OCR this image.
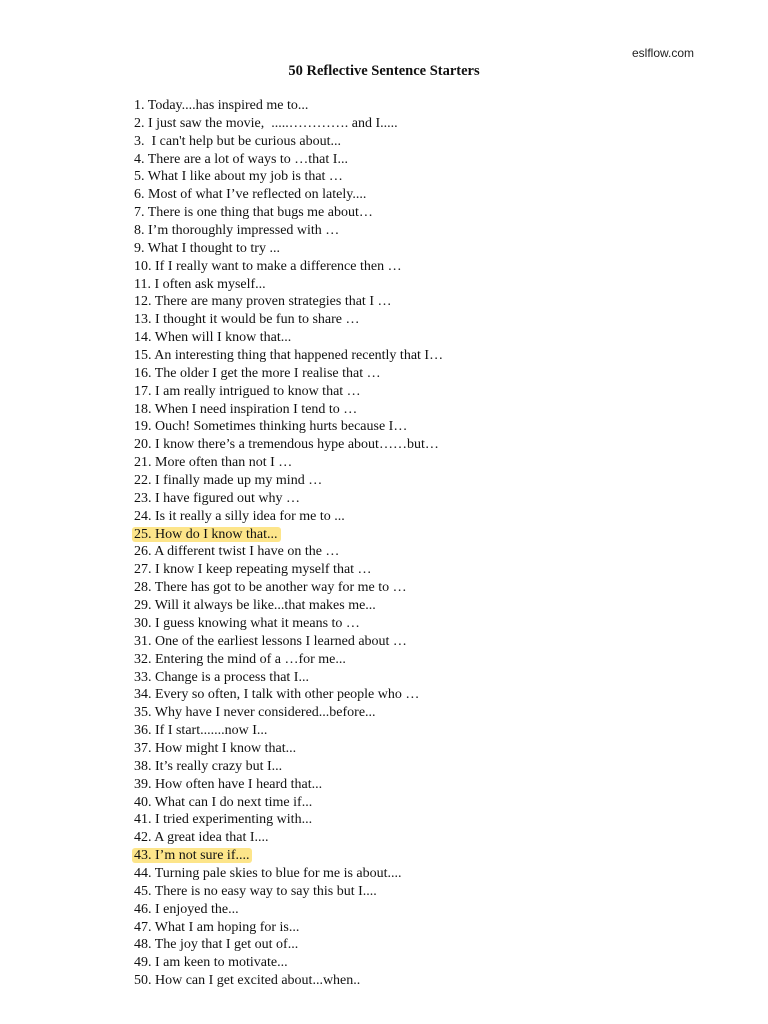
eslflow.com
50 Reflective Sentence Starters
1. Today....has inspired me to...
2. I just saw the movie,  .....…………. and I.....
3.  I can't help but be curious about...
4. There are a lot of ways to …that I...
5. What I like about my job is that …
6. Most of what I’ve reflected on lately....
7. There is one thing that bugs me about…
8. I’m thoroughly impressed with …
9. What I thought to try ...
10. If I really want to make a difference then …
11. I often ask myself...
12. There are many proven strategies that I …
13. I thought it would be fun to share …
14. When will I know that...
15. An interesting thing that happened recently that I…
16. The older I get the more I realise that …
17. I am really intrigued to know that …
18. When I need inspiration I tend to …
19. Ouch! Sometimes thinking hurts because I…
20. I know there’s a tremendous hype about……but…
21. More often than not I …
22. I finally made up my mind …
23. I have figured out why …
24. Is it really a silly idea for me to ...
25. How do I know that...
26. A different twist I have on the …
27. I know I keep repeating myself that …
28. There has got to be another way for me to …
29. Will it always be like...that makes me...
30. I guess knowing what it means to …
31. One of the earliest lessons I learned about …
32. Entering the mind of a …for me...
33. Change is a process that I...
34. Every so often, I talk with other people who …
35. Why have I never considered...before...
36. If I start.......now I...
37. How might I know that...
38. It’s really crazy but I...
39. How often have I heard that...
40. What can I do next time if...
41. I tried experimenting with...
42. A great idea that I....
43. I’m not sure if....
44. Turning pale skies to blue for me is about....
45. There is no easy way to say this but I....
46. I enjoyed the...
47. What I am hoping for is...
48. The joy that I get out of...
49. I am keen to motivate...
50. How can I get excited about...when..
